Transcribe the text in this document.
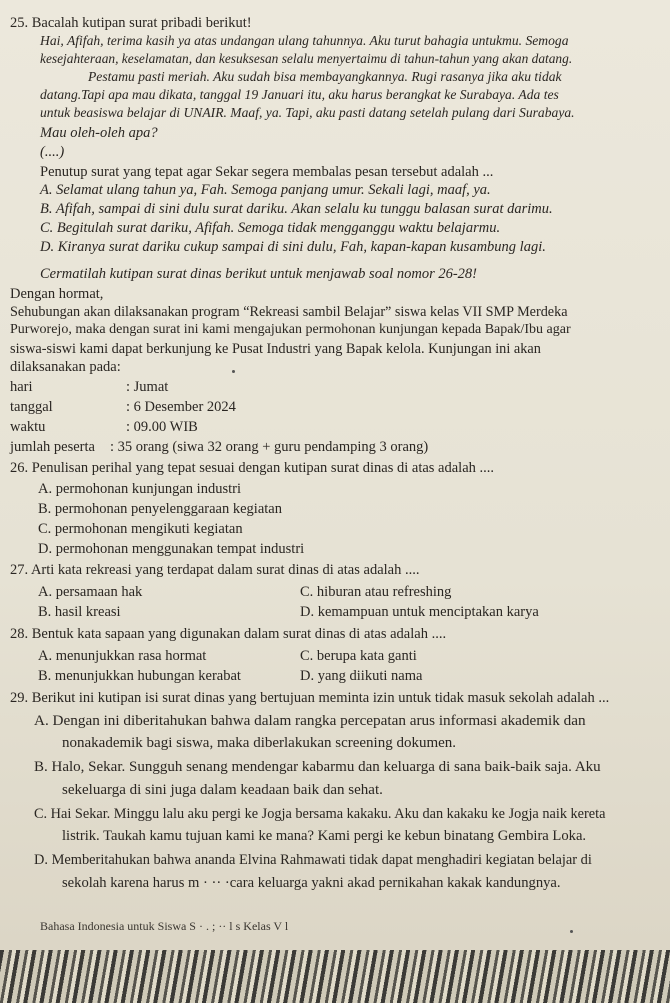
25. Bacalah kutipan surat pribadi berikut!
Hai, Afifah, terima kasih ya atas undangan ulang tahunnya. Aku turut bahagia untukmu. Semoga
kesejahteraan, keselamatan, dan kesuksesan selalu menyertaimu di tahun-tahun yang akan datang.
Pestamu pasti meriah. Aku sudah bisa membayangkannya. Rugi rasanya jika aku tidak
datang.Tapi apa mau dikata, tanggal 19 Januari itu, aku harus berangkat ke Surabaya. Ada tes
untuk beasiswa belajar di UNAIR. Maaf, ya. Tapi, aku pasti datang setelah pulang dari Surabaya.
Mau oleh-oleh apa?
(....)
Penutup surat yang tepat agar Sekar segera membalas pesan tersebut adalah ...
A. Selamat ulang tahun ya, Fah. Semoga panjang umur. Sekali lagi, maaf, ya.
B. Afifah, sampai di sini dulu surat dariku. Akan selalu ku tunggu balasan surat darimu.
C. Begitulah surat dariku, Afifah. Semoga tidak mengganggu waktu belajarmu.
D. Kiranya surat dariku cukup sampai di sini dulu, Fah, kapan-kapan kusambung lagi.
Cermatilah kutipan surat dinas berikut untuk menjawab soal nomor 26-28!
Dengan hormat,
Sehubungan akan dilaksanakan program “Rekreasi sambil Belajar” siswa kelas VII SMP Merdeka
Purworejo, maka dengan surat ini kami mengajukan permohonan kunjungan kepada Bapak/Ibu agar
siswa-siswi kami dapat berkunjung ke Pusat Industri yang Bapak kelola. Kunjungan ini akan
dilaksanakan pada:
hari	: Jumat
tanggal	: 6 Desember 2024
waktu	: 09.00 WIB
jumlah peserta : 35 orang (siwa 32 orang + guru pendamping 3 orang)
26. Penulisan perihal yang tepat sesuai dengan kutipan surat dinas di atas adalah ....
A. permohonan kunjungan industri
B. permohonan penyelenggaraan kegiatan
C. permohonan mengikuti kegiatan
D. permohonan menggunakan tempat industri
27. Arti kata rekreasi yang terdapat dalam surat dinas di atas adalah ....
A. persamaan hak	C. hiburan atau refreshing
B. hasil kreasi	D. kemampuan untuk menciptakan karya
28. Bentuk kata sapaan yang digunakan dalam surat dinas di atas adalah ....
A. menunjukkan rasa hormat	C. berupa kata ganti
B. menunjukkan hubungan kerabat	D. yang diikuti nama
29. Berikut ini kutipan isi surat dinas yang bertujuan meminta izin untuk tidak masuk sekolah adalah ...
A. Dengan ini diberitahukan bahwa dalam rangka percepatan arus informasi akademik dan
nonakademik bagi siswa, maka diberlakukan screening dokumen.
B. Halo, Sekar. Sungguh senang mendengar kabarmu dan keluarga di sana baik-baik saja. Aku
sekeluarga di sini juga dalam keadaan baik dan sehat.
C. Hai Sekar. Minggu lalu aku pergi ke Jogja bersama kakaku. Aku dan kakaku ke Jogja naik kereta
listrik. Taukah kamu tujuan kami ke mana? Kami pergi ke kebun binatang Gembira Loka.
D. Memberitahukan bahwa ananda Elvina Rahmawati tidak dapat menghadiri kegiatan belajar di
sekolah karena harus m · ·· ·cara keluarga yakni akad pernikahan kakak kandungnya.
Bahasa Indonesia untuk Siswa S · . ; ·· l s Kelas V l
